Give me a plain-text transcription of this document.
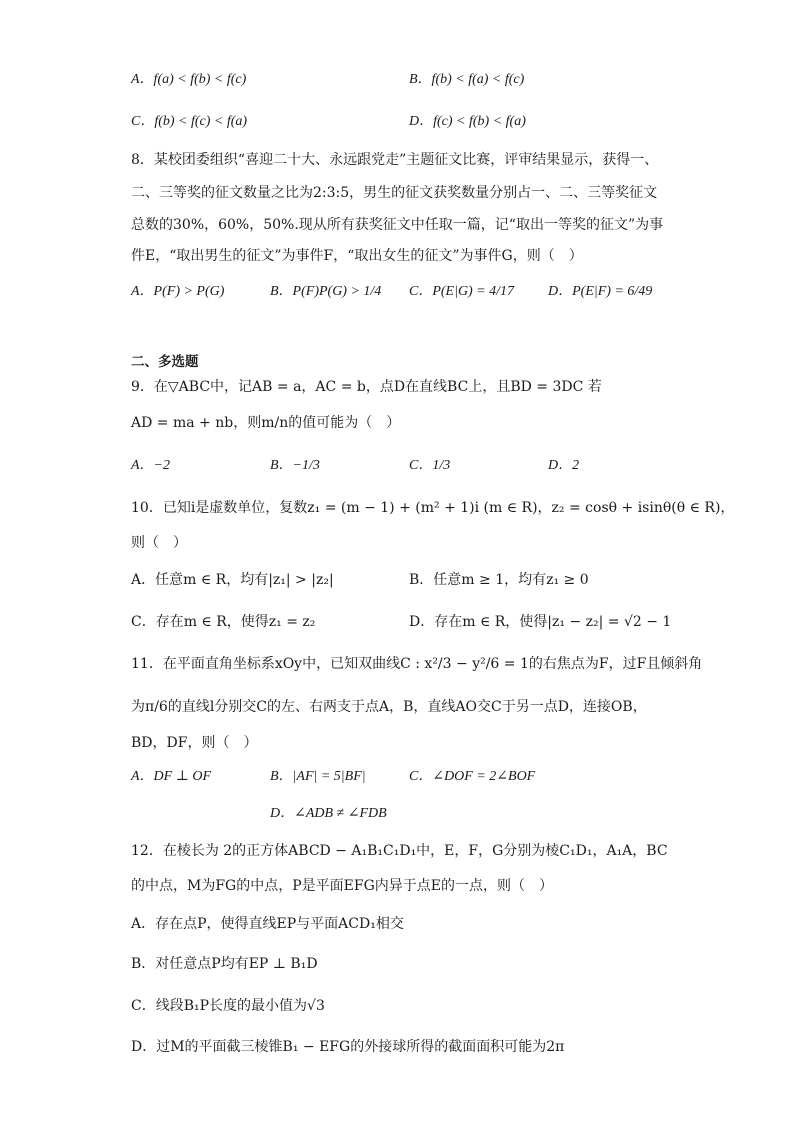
A．f(a) < f(b) < f(c)	B．f(b) < f(a) < f(c)
C．f(b) < f(c) < f(a)	D．f(c) < f(b) < f(a)
8．某校团委组织“喜迎二十大、永远跟党走”主题征文比赛，评审结果显示，获得一、
二、三等奖的征文数量之比为2:3:5，男生的征文获奖数量分别占一、二、三等奖征文
总数的30%，60%，50%.现从所有获奖征文中任取一篇，记“取出一等奖的征文”为事
件E，“取出男生的征文”为事件F，“取出女生的征文”为事件G，则（　）
A．P(F) > P(G)	B．P(F)P(G) > 1/4 C．P(E|G) = 4/17 D．P(E|F) = 6/49
二、多选题
9．在▽ABC中，记AB = a，AC = b，点D在直线BC上，且BD = 3DC 若
AD = ma + nb，则m/n的值可能为（　）
A．−2	B．−1/3	C．1/3	D．2
10．已知i是虚数单位，复数z₁ = (m − 1) + (m² + 1)i (m ∈ R)，z₂ = cosθ + isinθ(θ ∈ R)，
则（　）
A．任意m ∈ R，均有|z₁| > |z₂|	B．任意m ≥ 1，均有z₁ ≥ 0
C．存在m ∈ R，使得z₁ = z₂	D．存在m ∈ R，使得|z₁ − z₂| = √2 − 1
11．在平面直角坐标系xOy中，已知双曲线C : x²/3 − y²/6 = 1的右焦点为F，过F且倾斜角
为π/6的直线l分别交C的左、右两支于点A，B，直线AO交C于另一点D，连接OB，
BD，DF，则（　）
A．DF ⊥ OF	B．|AF| = 5|BF|	C．∠DOF = 2∠BOF
D．∠ADB ≠ ∠FDB
12．在棱长为 2的正方体ABCD − A₁B₁C₁D₁中，E，F，G分别为棱C₁D₁，A₁A，BC
的中点，M为FG的中点，P是平面EFG内异于点E的一点，则（　）
A．存在点P，使得直线EP与平面ACD₁相交
B．对任意点P均有EP ⊥ B₁D
C．线段B₁P长度的最小值为√3
D．过M的平面截三棱锥B₁ − EFG的外接球所得的截面面积可能为2π
